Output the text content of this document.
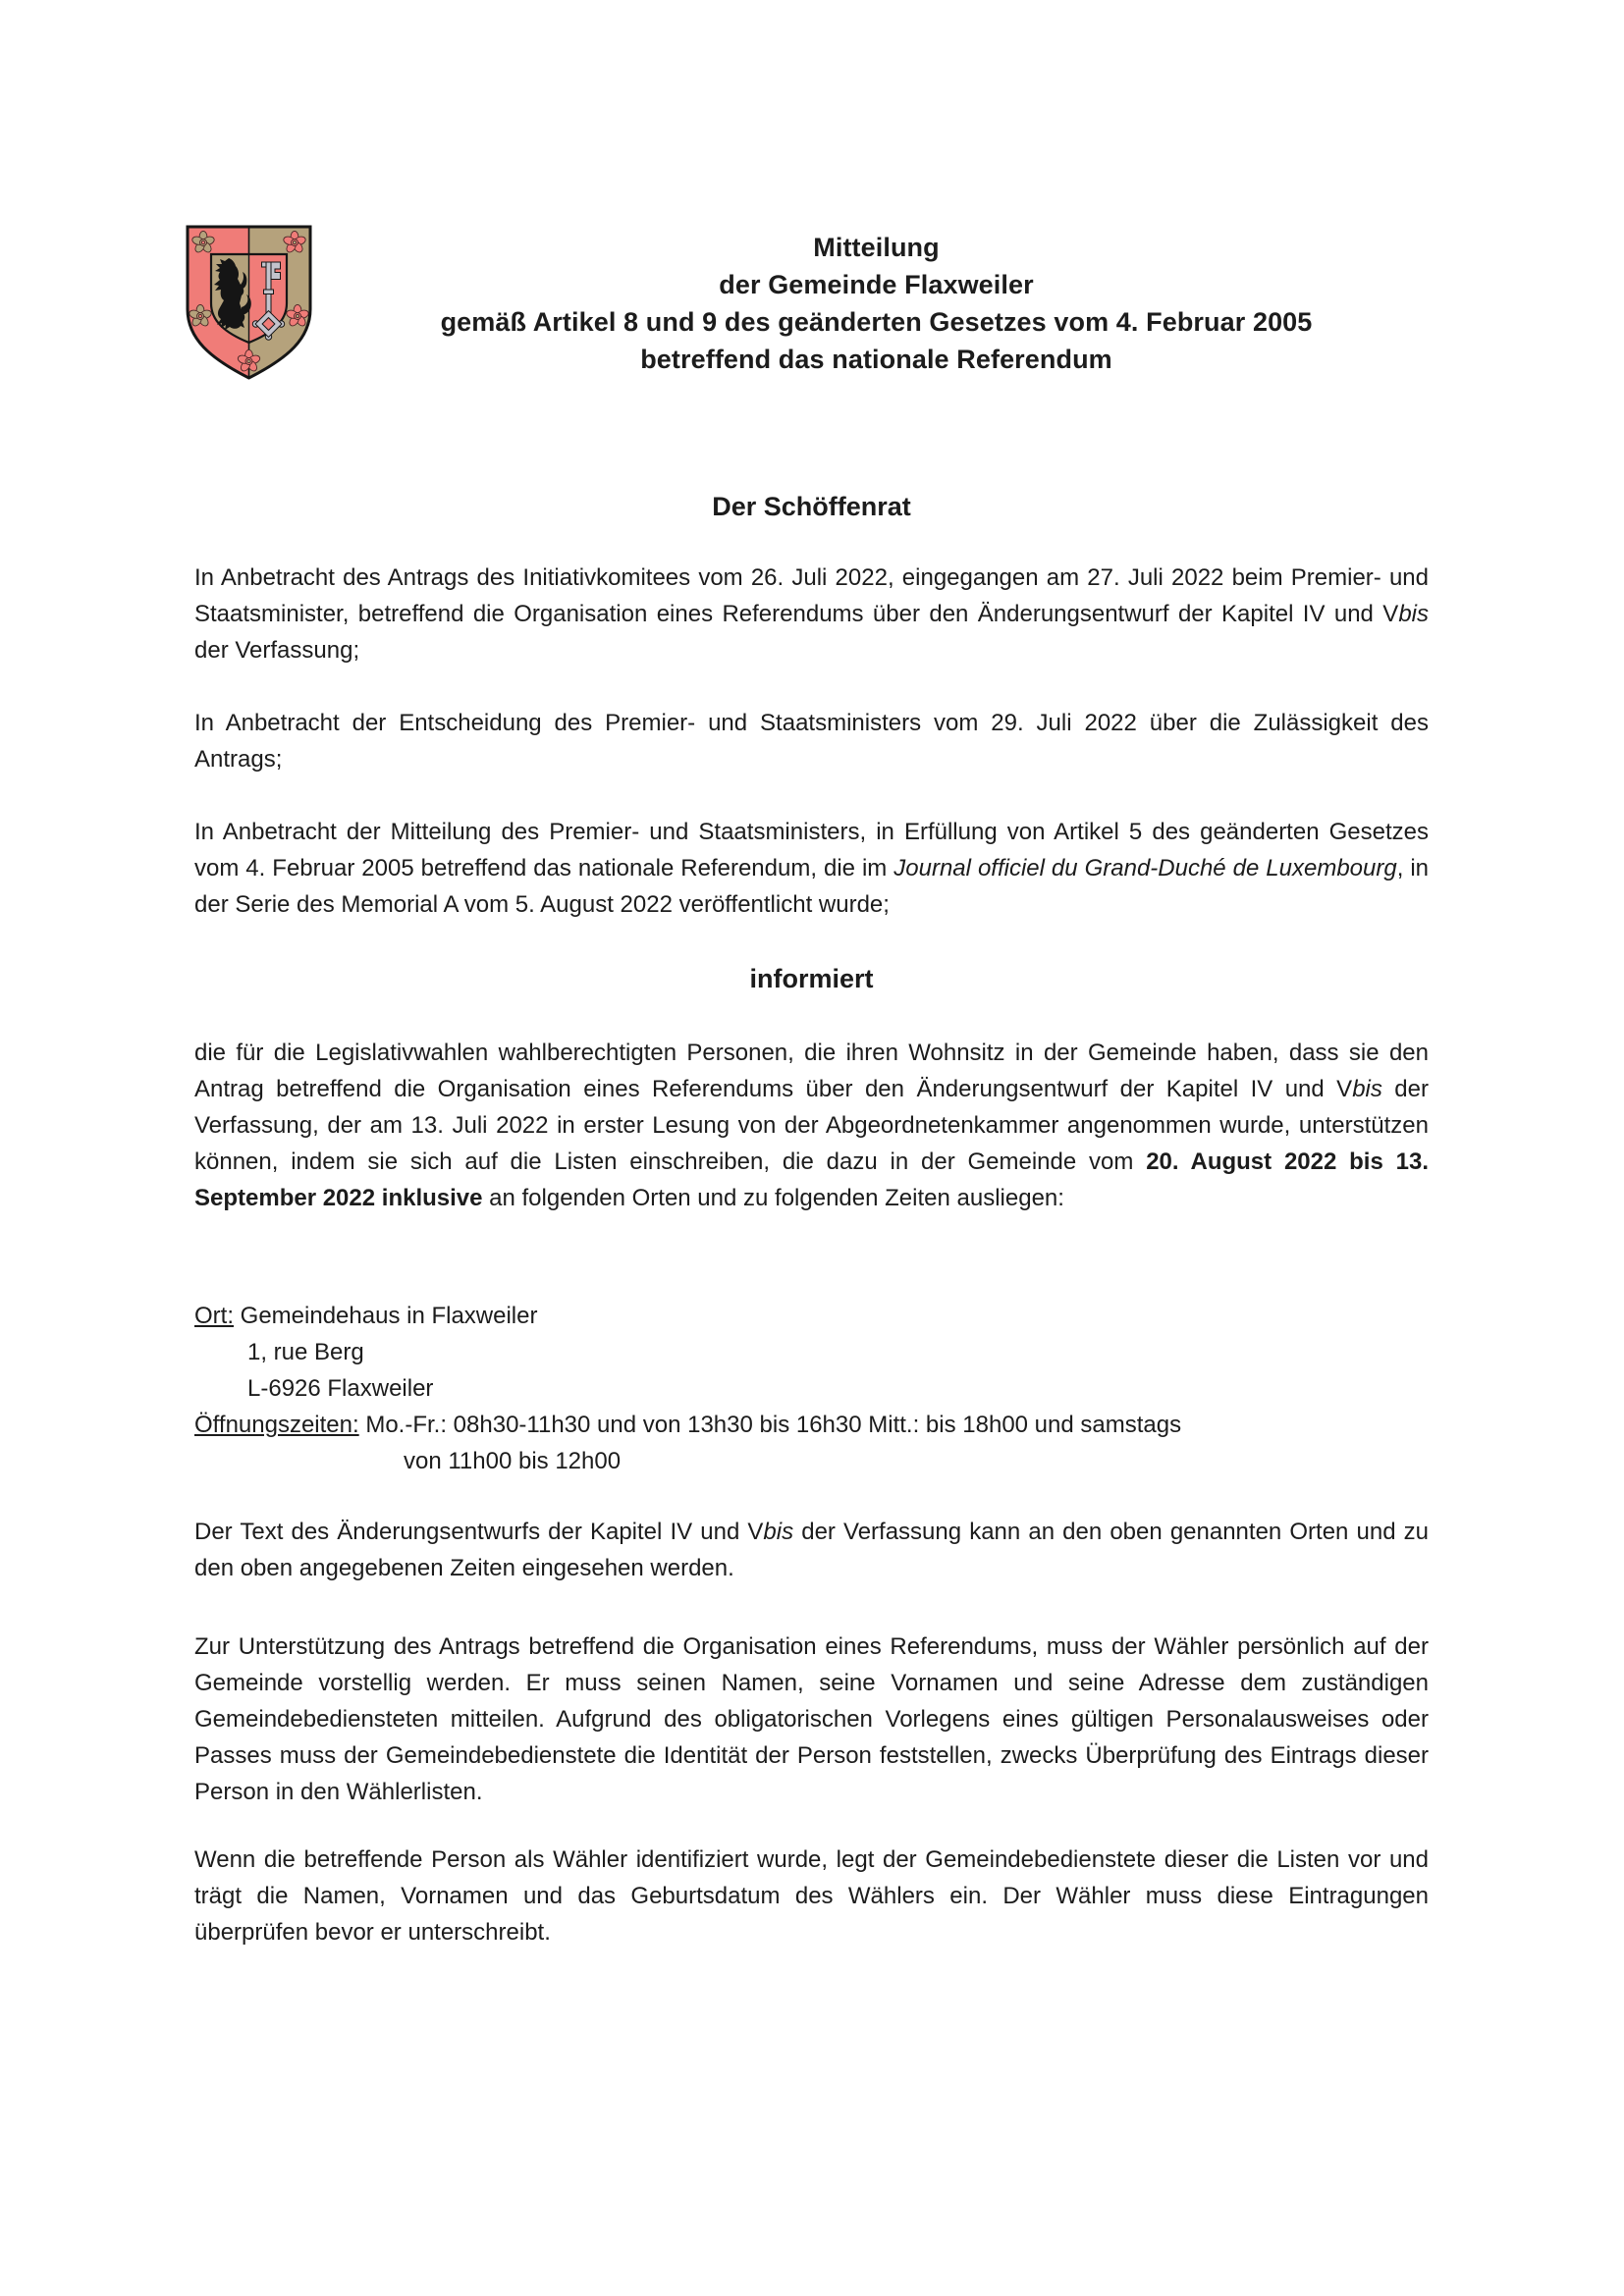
Mitteilung
der Gemeinde Flaxweiler
gemäß Artikel 8 und 9 des geänderten Gesetzes vom 4. Februar 2005
betreffend das nationale Referendum
Der Schöffenrat

In Anbetracht des Antrags des Initiativkomitees vom 26. Juli 2022, eingegangen am 27. Juli 2022 beim Premier- und Staatsminister, betreffend die Organisation eines Referendums über den Änderungsentwurf der Kapitel IV und Vbis der Verfassung;

In Anbetracht der Entscheidung des Premier- und Staatsministers vom 29. Juli 2022 über die Zulässigkeit des Antrags;

In Anbetracht der Mitteilung des Premier- und Staatsministers, in Erfüllung von Artikel 5 des geänderten Gesetzes vom 4. Februar 2005 betreffend das nationale Referendum, die im Journal officiel du Grand-Duché de Luxembourg, in der Serie des Memorial A vom 5. August 2022 veröffentlicht wurde;

informiert

die für die Legislativwahlen wahlberechtigten Personen, die ihren Wohnsitz in der Gemeinde haben, dass sie den Antrag betreffend die Organisation eines Referendums über den Änderungsentwurf der Kapitel IV und Vbis der Verfassung, der am 13. Juli 2022 in erster Lesung von der Abgeordnetenkammer angenommen wurde, unterstützen können, indem sie sich auf die Listen einschreiben, die dazu in der Gemeinde vom 20. August 2022 bis 13. September 2022 inklusive an folgenden Orten und zu folgenden Zeiten ausliegen:

Ort: Gemeindehaus in Flaxweiler
1, rue Berg
L-6926 Flaxweiler
Öffnungszeiten: Mo.-Fr.: 08h30-11h30 und von 13h30 bis 16h30 Mitt.: bis 18h00 und samstags
von 11h00 bis 12h00

Der Text des Änderungsentwurfs der Kapitel IV und Vbis der Verfassung kann an den oben genannten Orten und zu den oben angegebenen Zeiten eingesehen werden.

Zur Unterstützung des Antrags betreffend die Organisation eines Referendums, muss der Wähler persönlich auf der Gemeinde vorstellig werden. Er muss seinen Namen, seine Vornamen und seine Adresse dem zuständigen Gemeindebediensteten mitteilen. Aufgrund des obligatorischen Vorlegens eines gültigen Personalausweises oder Passes muss der Gemeindebedienstete die Identität der Person feststellen, zwecks Überprüfung des Eintrags dieser Person in den Wählerlisten.

Wenn die betreffende Person als Wähler identifiziert wurde, legt der Gemeindebedienstete dieser die Listen vor und trägt die Namen, Vornamen und das Geburtsdatum des Wählers ein. Der Wähler muss diese Eintragungen überprüfen bevor er unterschreibt.
